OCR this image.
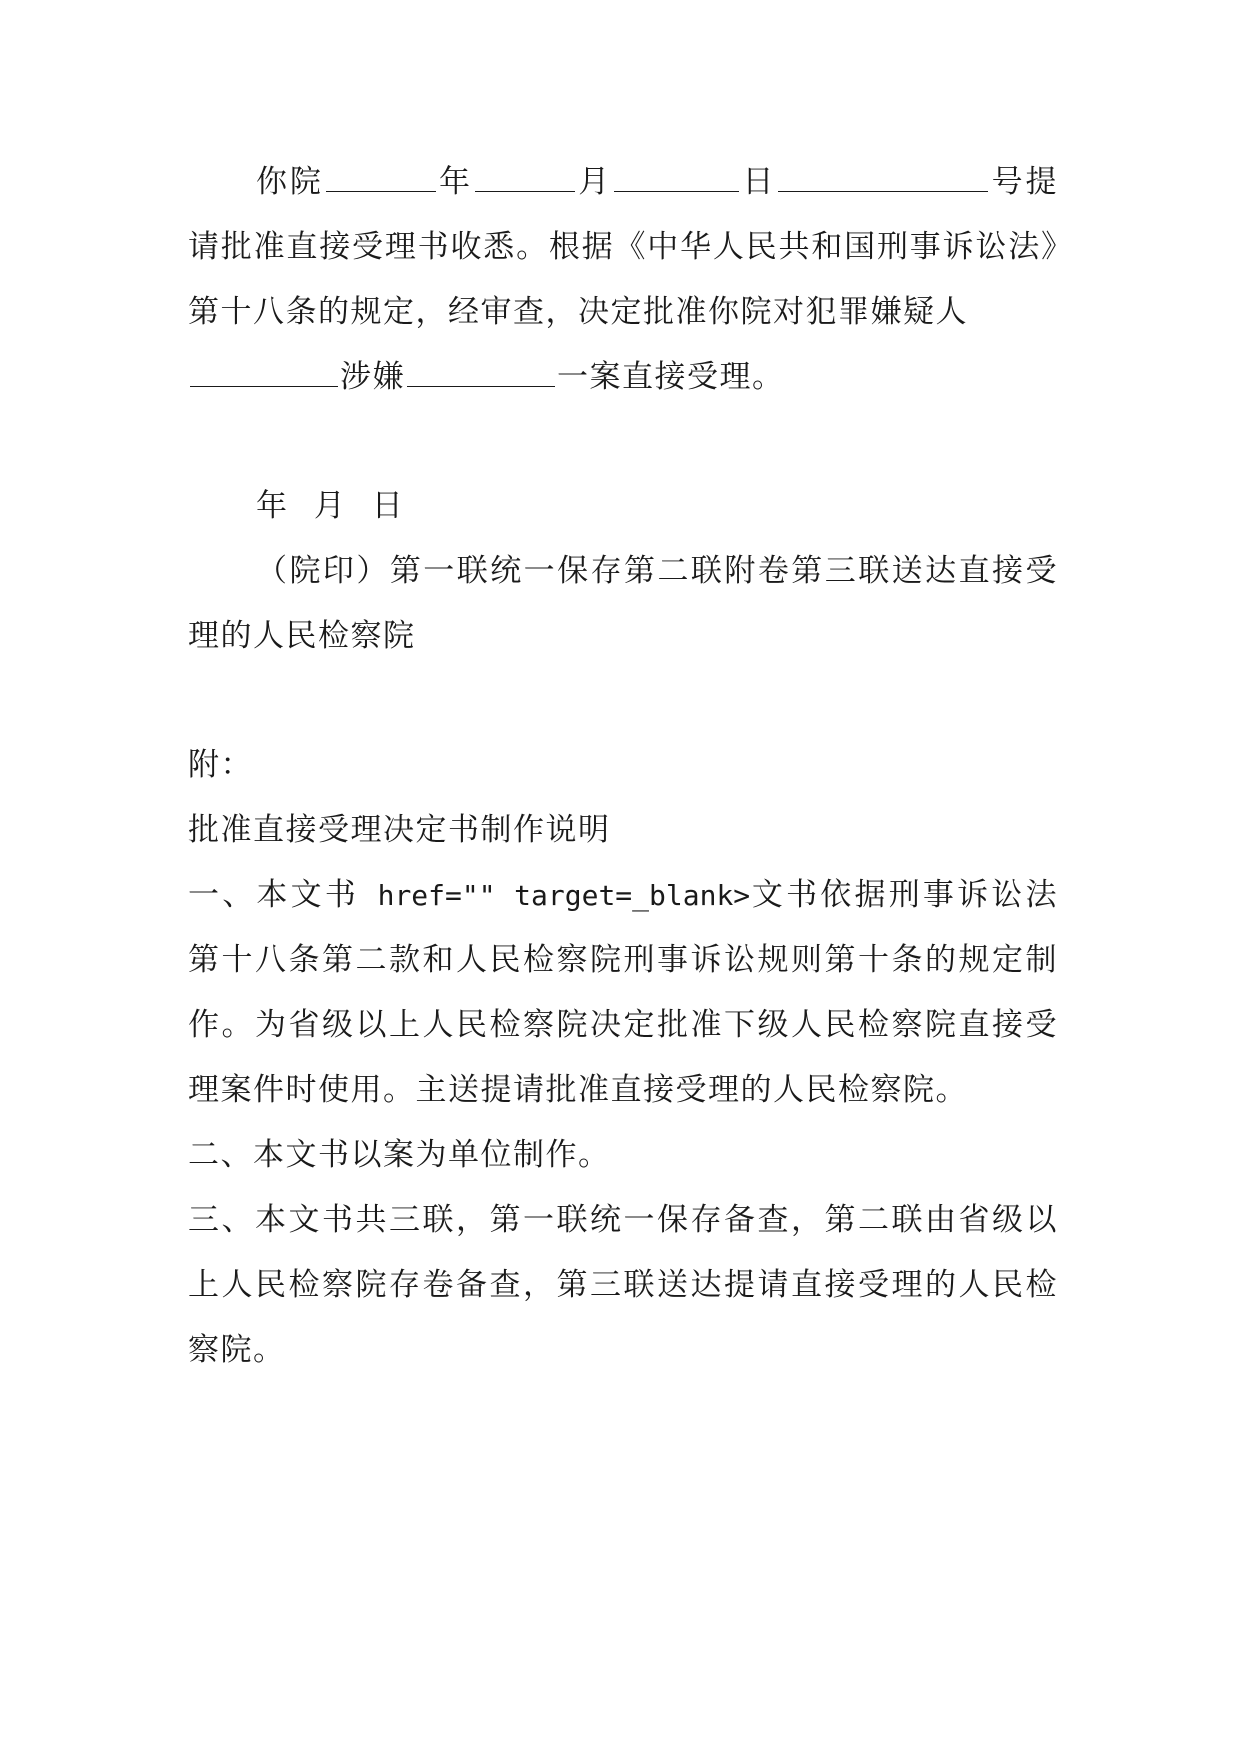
你院	年	月	日	号提请批准直接受理书收悉。根据《中华人民共和国刑事诉讼法》第十八条的规定，经审查，决定批准你院对犯罪嫌疑人
涉嫌	一案直接受理。

年 月 日

（院印）第一联统一保存第二联附卷第三联送达直接受理的人民检察院

附：

批准直接受理决定书制作说明

一、本文书 href="" target=_blank>文书依据刑事诉讼法第十八条第二款和人民检察院刑事诉讼规则第十条的规定制作。为省级以上人民检察院决定批准下级人民检察院直接受理案件时使用。主送提请批准直接受理的人民检察院。

二、本文书以案为单位制作。

三、本文书共三联，第一联统一保存备查，第二联由省级以上人民检察院存卷备查，第三联送达提请直接受理的人民检察院。
